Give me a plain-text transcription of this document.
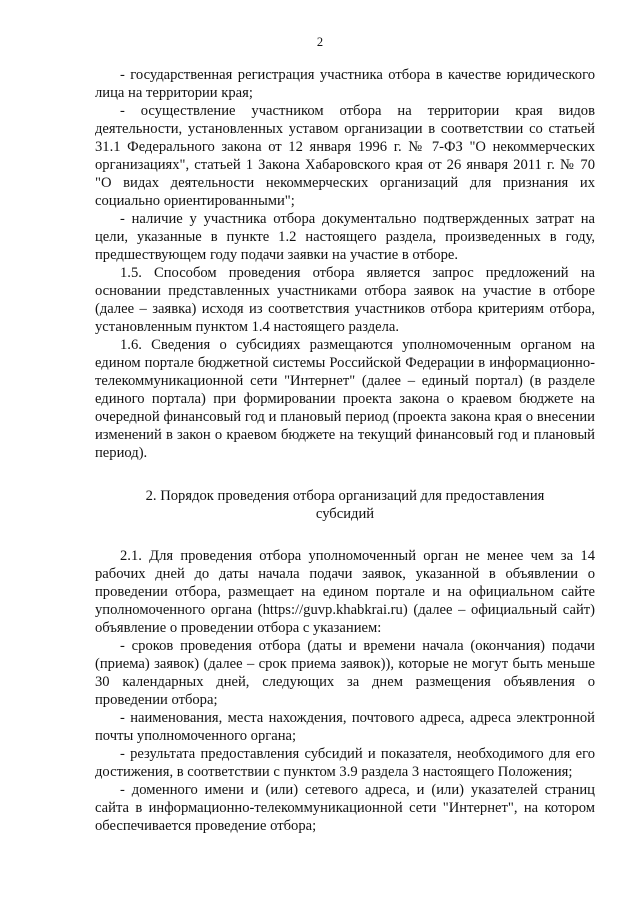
2

- государственная регистрация участника отбора в качестве юридического лица на территории края;

- осуществление участником отбора на территории края видов деятельности, установленных уставом организации в соответствии со статьей 31.1 Федерального закона от 12 января 1996 г. № 7-ФЗ "О некоммерческих организациях", статьей 1 Закона Хабаровского края от 26 января 2011 г. № 70 "О видах деятельности некоммерческих организаций для признания их социально ориентированными";

- наличие у участника отбора документально подтвержденных затрат на цели, указанные в пункте 1.2 настоящего раздела, произведенных в году, предшествующем году подачи заявки на участие в отборе.

1.5. Способом проведения отбора является запрос предложений на основании представленных участниками отбора заявок на участие в отборе (далее – заявка) исходя из соответствия участников отбора критериям отбора, установленным пунктом 1.4 настоящего раздела.

1.6. Сведения о субсидиях размещаются уполномоченным органом на едином портале бюджетной системы Российской Федерации в информационно-телекоммуникационной сети "Интернет" (далее – единый портал) (в разделе единого портала) при формировании проекта закона о краевом бюджете на очередной финансовый год и плановый период (проекта закона края о внесении изменений в закон о краевом бюджете на текущий финансовый год и плановый период).

2. Порядок проведения отбора организаций для предоставления
субсидий

2.1. Для проведения отбора уполномоченный орган не менее чем за 14 рабочих дней до даты начала подачи заявок, указанной в объявлении о проведении отбора, размещает на едином портале и на официальном сайте уполномоченного органа (https://guvp.khabkrai.ru) (далее – официальный сайт) объявление о проведении отбора с указанием:

- сроков проведения отбора (даты и времени начала (окончания) подачи (приема) заявок) (далее – срок приема заявок)), которые не могут быть меньше 30 календарных дней, следующих за днем размещения объявления о проведении отбора;

- наименования, места нахождения, почтового адреса, адреса электронной почты уполномоченного органа;

- результата предоставления субсидий и показателя, необходимого для его достижения, в соответствии с пунктом 3.9 раздела 3 настоящего Положения;

- доменного имени и (или) сетевого адреса, и (или) указателей страниц сайта в информационно-телекоммуникационной сети "Интернет", на котором обеспечивается проведение отбора;
